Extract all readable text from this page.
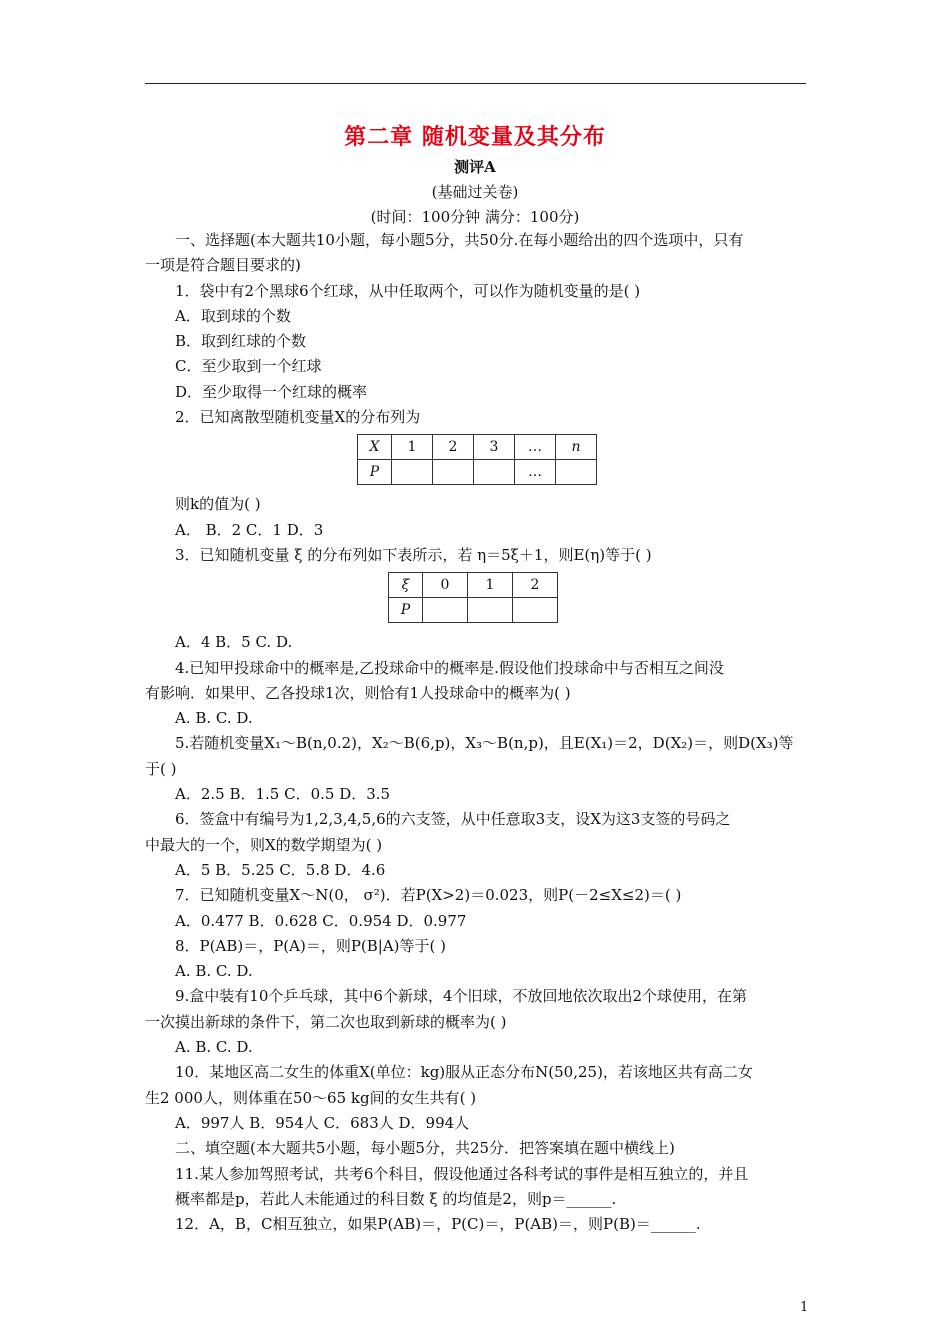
第二章 随机变量及其分布
测评A
(基础过关卷)
(时间：100分钟 满分：100分)
一、选择题(本大题共10小题，每小题5分，共50分.在每小题给出的四个选项中，只有
一项是符合题目要求的)
1．袋中有2个黑球6个红球，从中任取两个，可以作为随机变量的是( )
A．取到球的个数
B．取到红球的个数
C．至少取到一个红球
D．至少取得一个红球的概率
2．已知离散型随机变量X的分布列为
X	1	2	3	…	n
P				…	
则k的值为( )
A． B．2 C．1 D．3
3．已知随机变量 ξ 的分布列如下表所示，若 η＝5ξ＋1，则E(η)等于( )
ξ	0	1	2
P			
A．4 B．5 C. D.
4.已知甲投球命中的概率是,乙投球命中的概率是.假设他们投球命中与否相互之间没
有影响．如果甲、乙各投球1次，则恰有1人投球命中的概率为( )
A. B. C. D.
5.若随机变量X₁～B(n,0.2)，X₂～B(6,p)，X₃～B(n,p)，且E(X₁)＝2，D(X₂)＝，则D(X₃)等
于( )
A．2.5 B．1.5 C．0.5 D．3.5
6．签盒中有编号为1,2,3,4,5,6的六支签，从中任意取3支，设X为这3支签的号码之
中最大的一个，则X的数学期望为( )
A．5 B．5.25 C．5.8 D．4.6
7．已知随机变量X～N(0， σ²)．若P(X>2)＝0.023，则P(－2≤X≤2)＝( )
A．0.477 B．0.628 C．0.954 D．0.977
8．P(AB)＝，P(A)＝，则P(B|A)等于( )
A. B. C. D.
9.盒中装有10个乒乓球，其中6个新球，4个旧球，不放回地依次取出2个球使用，在第
一次摸出新球的条件下，第二次也取到新球的概率为( )
A. B. C. D.
10．某地区高二女生的体重X(单位：kg)服从正态分布N(50,25)，若该地区共有高二女
生2 000人，则体重在50～65 kg间的女生共有( )
A．997人 B．954人 C．683人 D．994人
二、填空题(本大题共5小题，每小题5分，共25分．把答案填在题中横线上)
11.某人参加驾照考试，共考6个科目，假设他通过各科考试的事件是相互独立的，并且
概率都是p，若此人未能通过的科目数 ξ 的均值是2，则p＝______.
12．A，B，C相互独立，如果P(AB)＝，P(C)＝，P(AB)＝，则P(B)＝______.
1
